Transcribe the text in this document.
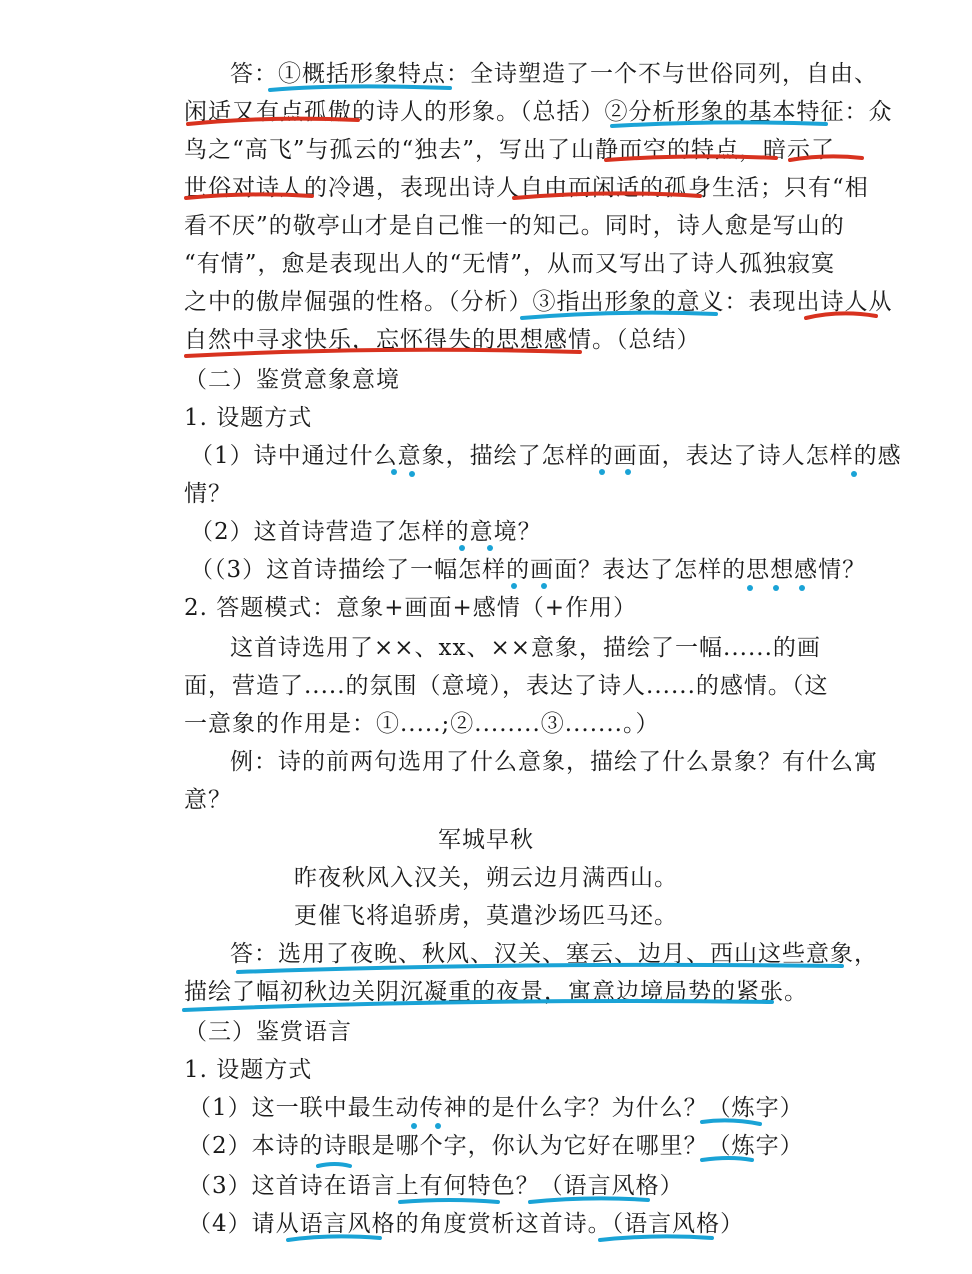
答：①概括形象特点：全诗塑造了一个不与世俗同列，自由、
闲适又有点孤傲的诗人的形象。（总括）②分析形象的基本特征：众
鸟之“高飞”与孤云的“独去”，写出了山静而空的特点，暗示了
世俗对诗人的冷遇，表现出诗人自由而闲适的孤身生活；只有“相
看不厌”的敬亭山才是自己惟一的知己。同时，诗人愈是写山的
“有情”，愈是表现出人的“无情”，从而又写出了诗人孤独寂寞
之中的傲岸倔强的性格。（分析）③指出形象的意义：表现出诗人从
自然中寻求快乐，忘怀得失的思想感情。（总结）
（二）鉴赏意象意境
1. 设题方式
（1）诗中通过什么意象，描绘了怎样的画面，表达了诗人怎样的感
情？
（2）这首诗营造了怎样的意境？
（（3）这首诗描绘了一幅怎样的画面？表达了怎样的思想感情？
2. 答题模式：意象+画面+感情（+作用）
这首诗选用了××、xx、××意象，描绘了一幅......的画
面，营造了.....的氛围（意境），表达了诗人......的感情。（这
一意象的作用是：①.....;②........③.......。）
例：诗的前两句选用了什么意象，描绘了什么景象？有什么寓
意？
军城早秋
昨夜秋风入汉关，朔云边月满西山。
更催飞将追骄虏，莫遣沙场匹马还。
答：选用了夜晚、秋风、汉关、塞云、边月、西山这些意象，
描绘了幅初秋边关阴沉凝重的夜景，寓意边境局势的紧张。
（三）鉴赏语言
1. 设题方式
（1）这一联中最生动传神的是什么字？为什么？（炼字）
（2）本诗的诗眼是哪个字，你认为它好在哪里？（炼字）
（3）这首诗在语言上有何特色？（语言风格）
（4）请从语言风格的角度赏析这首诗。（语言风格）
